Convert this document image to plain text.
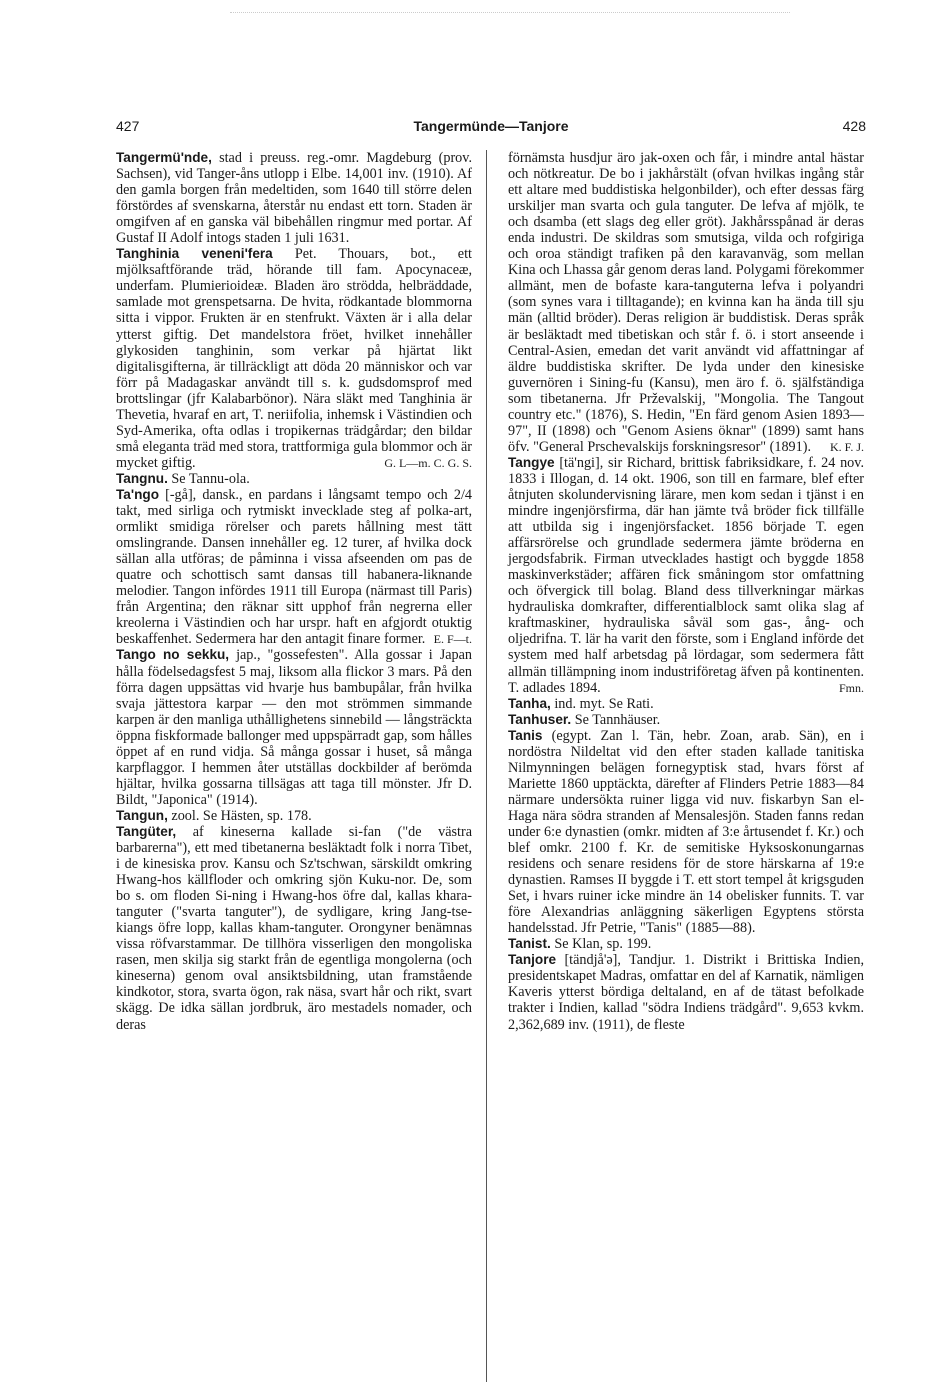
427	Tangermünde—Tanjore	428

Tangermü'nde, stad i preuss. reg.-omr. Magdeburg (prov. Sachsen), vid Tanger-åns utlopp i Elbe. 14,001 inv. (1910). Af den gamla borgen från medeltiden, som 1640 till större delen förstördes af svenskarna, återstår nu endast ett torn. Staden är omgifven af en ganska väl bibehållen ringmur med portar. Af Gustaf II Adolf intogs staden 1 juli 1631.

Tanghinia veneni'fera Pet. Thouars, bot., ett mjölksaftförande träd, hörande till fam. Apocynaceæ, underfam. Plumierioideæ. Bladen äro strödda, helbräddade, samlade mot grenspetsarna. De hvita, rödkantade blommorna sitta i vippor. Frukten är en stenfrukt. Växten är i alla delar ytterst giftig. Det mandelstora fröet, hvilket innehåller glykosiden tanghinin, som verkar på hjärtat likt digitalisgifterna, är tillräckligt att döda 20 människor och var förr på Madagaskar användt till s. k. gudsdomsprof med brottslingar (jfr Kalabarbönor). Nära släkt med Tanghinia är Thevetia, hvaraf en art, T. neriifolia, inhemsk i Västindien och Syd-Amerika, ofta odlas i tropikernas trädgårdar; den bildar små eleganta träd med stora, trattformiga gula blommor och är mycket giftig.	G. L—m. C. G. S.

Tangnu. Se Tannu-ola.

Ta'ngo [-gå], dansk., en pardans i långsamt tempo och 2/4 takt, med sirliga och rytmiskt invecklade steg af polka-art, ormlikt smidiga rörelser och parets hållning mest tätt omslingrande. Dansen innehåller eg. 12 turer, af hvilka dock sällan alla utföras; de påminna i vissa afseenden om pas de quatre och schottisch samt dansas till habanera-liknande melodier. Tangon infördes 1911 till Europa (närmast till Paris) från Argentina; den räknar sitt upphof från negrerna eller kreolerna i Västindien och har urspr. haft en afgjordt otuktig beskaffenhet. Sedermera har den antagit finare former. E. F—t.

Tango no sekku, jap., "gossefesten". Alla gossar i Japan hålla födelsedagsfest 5 maj, liksom alla flickor 3 mars. På den förra dagen uppsättas vid hvarje hus bambupålar, från hvilka svaja jättestora karpar — den mot strömmen simmande karpen är den manliga uthållighetens sinnebild — långsträckta öppna fiskformade ballonger med uppspärradt gap, som hålles öppet af en rund vidja. Så många gossar i huset, så många karpflaggor. I hemmen åter utställas dockbilder af berömda hjältar, hvilka gossarna tillsägas att taga till mönster. Jfr D. Bildt, "Japonica" (1914).

Tangun, zool. Se Hästen, sp. 178.

Tangüter, af kineserna kallade si-fan ("de västra barbarerna"), ett med tibetanerna besläktadt folk i norra Tibet, i de kinesiska prov. Kansu och Sz'tschwan, särskildt omkring Hwang-hos källfloder och omkring sjön Kuku-nor. De, som bo s. om floden Si-ning i Hwang-hos öfre dal, kallas khara-tanguter ("svarta tanguter"), de sydligare, kring Jang-tse-kiangs öfre lopp, kallas kham-tanguter. Orongyner benämnas vissa röfvarstammar. De tillhöra visserligen den mongoliska rasen, men skilja sig starkt från de egentliga mongolerna (och kineserna) genom oval ansiktsbildning, utan framstående kindkotor, stora, svarta ögon, rak näsa, svart hår och rikt, svart skägg. De idka sällan jordbruk, äro mestadels nomader, och deras

förnämsta husdjur äro jak-oxen och får, i mindre antal hästar och nötkreatur. De bo i jakhårstält (ofvan hvilkas ingång står ett altare med buddistiska helgonbilder), och efter dessas färg urskiljer man svarta och gula tanguter. De lefva af mjölk, te och dsamba (ett slags deg eller gröt). Jakhårsspånad är deras enda industri. De skildras som smutsiga, vilda och rofgiriga och oroa ständigt trafiken på den karavanväg, som mellan Kina och Lhassa går genom deras land. Polygami förekommer allmänt, men de bofaste kara-tanguterna lefva i polyandri (som synes vara i tilltagande); en kvinna kan ha ända till sju män (alltid bröder). Deras religion är buddistisk. Deras språk är besläktadt med tibetiskan och står f. ö. i stort anseende i Central-Asien, emedan det varit användt vid affattningar af äldre buddistiska skrifter. De lyda under den kinesiske guvernören i Sining-fu (Kansu), men äro f. ö. själfständiga som tibetanerna. Jfr Prževalskij, "Mongolia. The Tangout country etc." (1876), S. Hedin, "En färd genom Asien 1893—97", II (1898) och "Genom Asiens öknar" (1899) samt hans öfv. "General Prschevalskijs forskningsresor" (1891). K. F. J.

Tangye [tä'ngi], sir Richard, brittisk fabriksidkare, f. 24 nov. 1833 i Illogan, d. 14 okt. 1906, son till en farmare, blef efter åtnjuten skolundervisning lärare, men kom sedan i tjänst i en mindre ingenjörsfirma, där han jämte två bröder fick tillfälle att utbilda sig i ingenjörsfacket. 1856 började T. egen affärsrörelse och grundlade sedermera jämte bröderna en jergodsfabrik. Firman utvecklades hastigt och byggde 1858 maskinverkstäder; affären fick småningom stor omfattning och öfvergick till bolag. Bland dess tillverkningar märkas hydrauliska domkrafter, differentialblock samt olika slag af kraftmaskiner, hydrauliska såväl som gas-, ång- och oljedrifna. T. lär ha varit den förste, som i England införde det system med half arbetsdag på lördagar, som sedermera fått allmän tillämpning inom industriföretag äfven på kontinenten. T. adlades 1894.	Fmn.

Tanha, ind. myt. Se Rati.

Tanhuser. Se Tannhäuser.

Tanis (egypt. Zan l. Tän, hebr. Zoan, arab. Sän), en i nordöstra Nildeltat vid den efter staden kallade tanitiska Nilmynningen belägen fornegyptisk stad, hvars först af Mariette 1860 upptäckta, därefter af Flinders Petrie 1883—84 närmare undersökta ruiner ligga vid nuv. fiskarbyn San el-Haga nära södra stranden af Mensalesjön. Staden fanns redan under 6:e dynastien (omkr. midten af 3:e årtusendet f. Kr.) och blef omkr. 2100 f. Kr. de semitiske Hyksoskonungarnas residens och senare residens för de store härskarna af 19:e dynastien. Ramses II byggde i T. ett stort tempel åt krigsguden Set, i hvars ruiner icke mindre än 14 obelisker funnits. T. var före Alexandrias anläggning säkerligen Egyptens största handelsstad. Jfr Petrie, "Tanis" (1885—88).

Tanist. Se Klan, sp. 199.

Tanjore [tändjå'ə], Tandjur. 1. Distrikt i Brittiska Indien, presidentskapet Madras, omfattar en del af Karnatik, nämligen Kaveris ytterst bördiga deltaland, en af de tätast befolkade trakter i Indien, kallad "södra Indiens trädgård". 9,653 kvkm. 2,362,689 inv. (1911), de fleste
